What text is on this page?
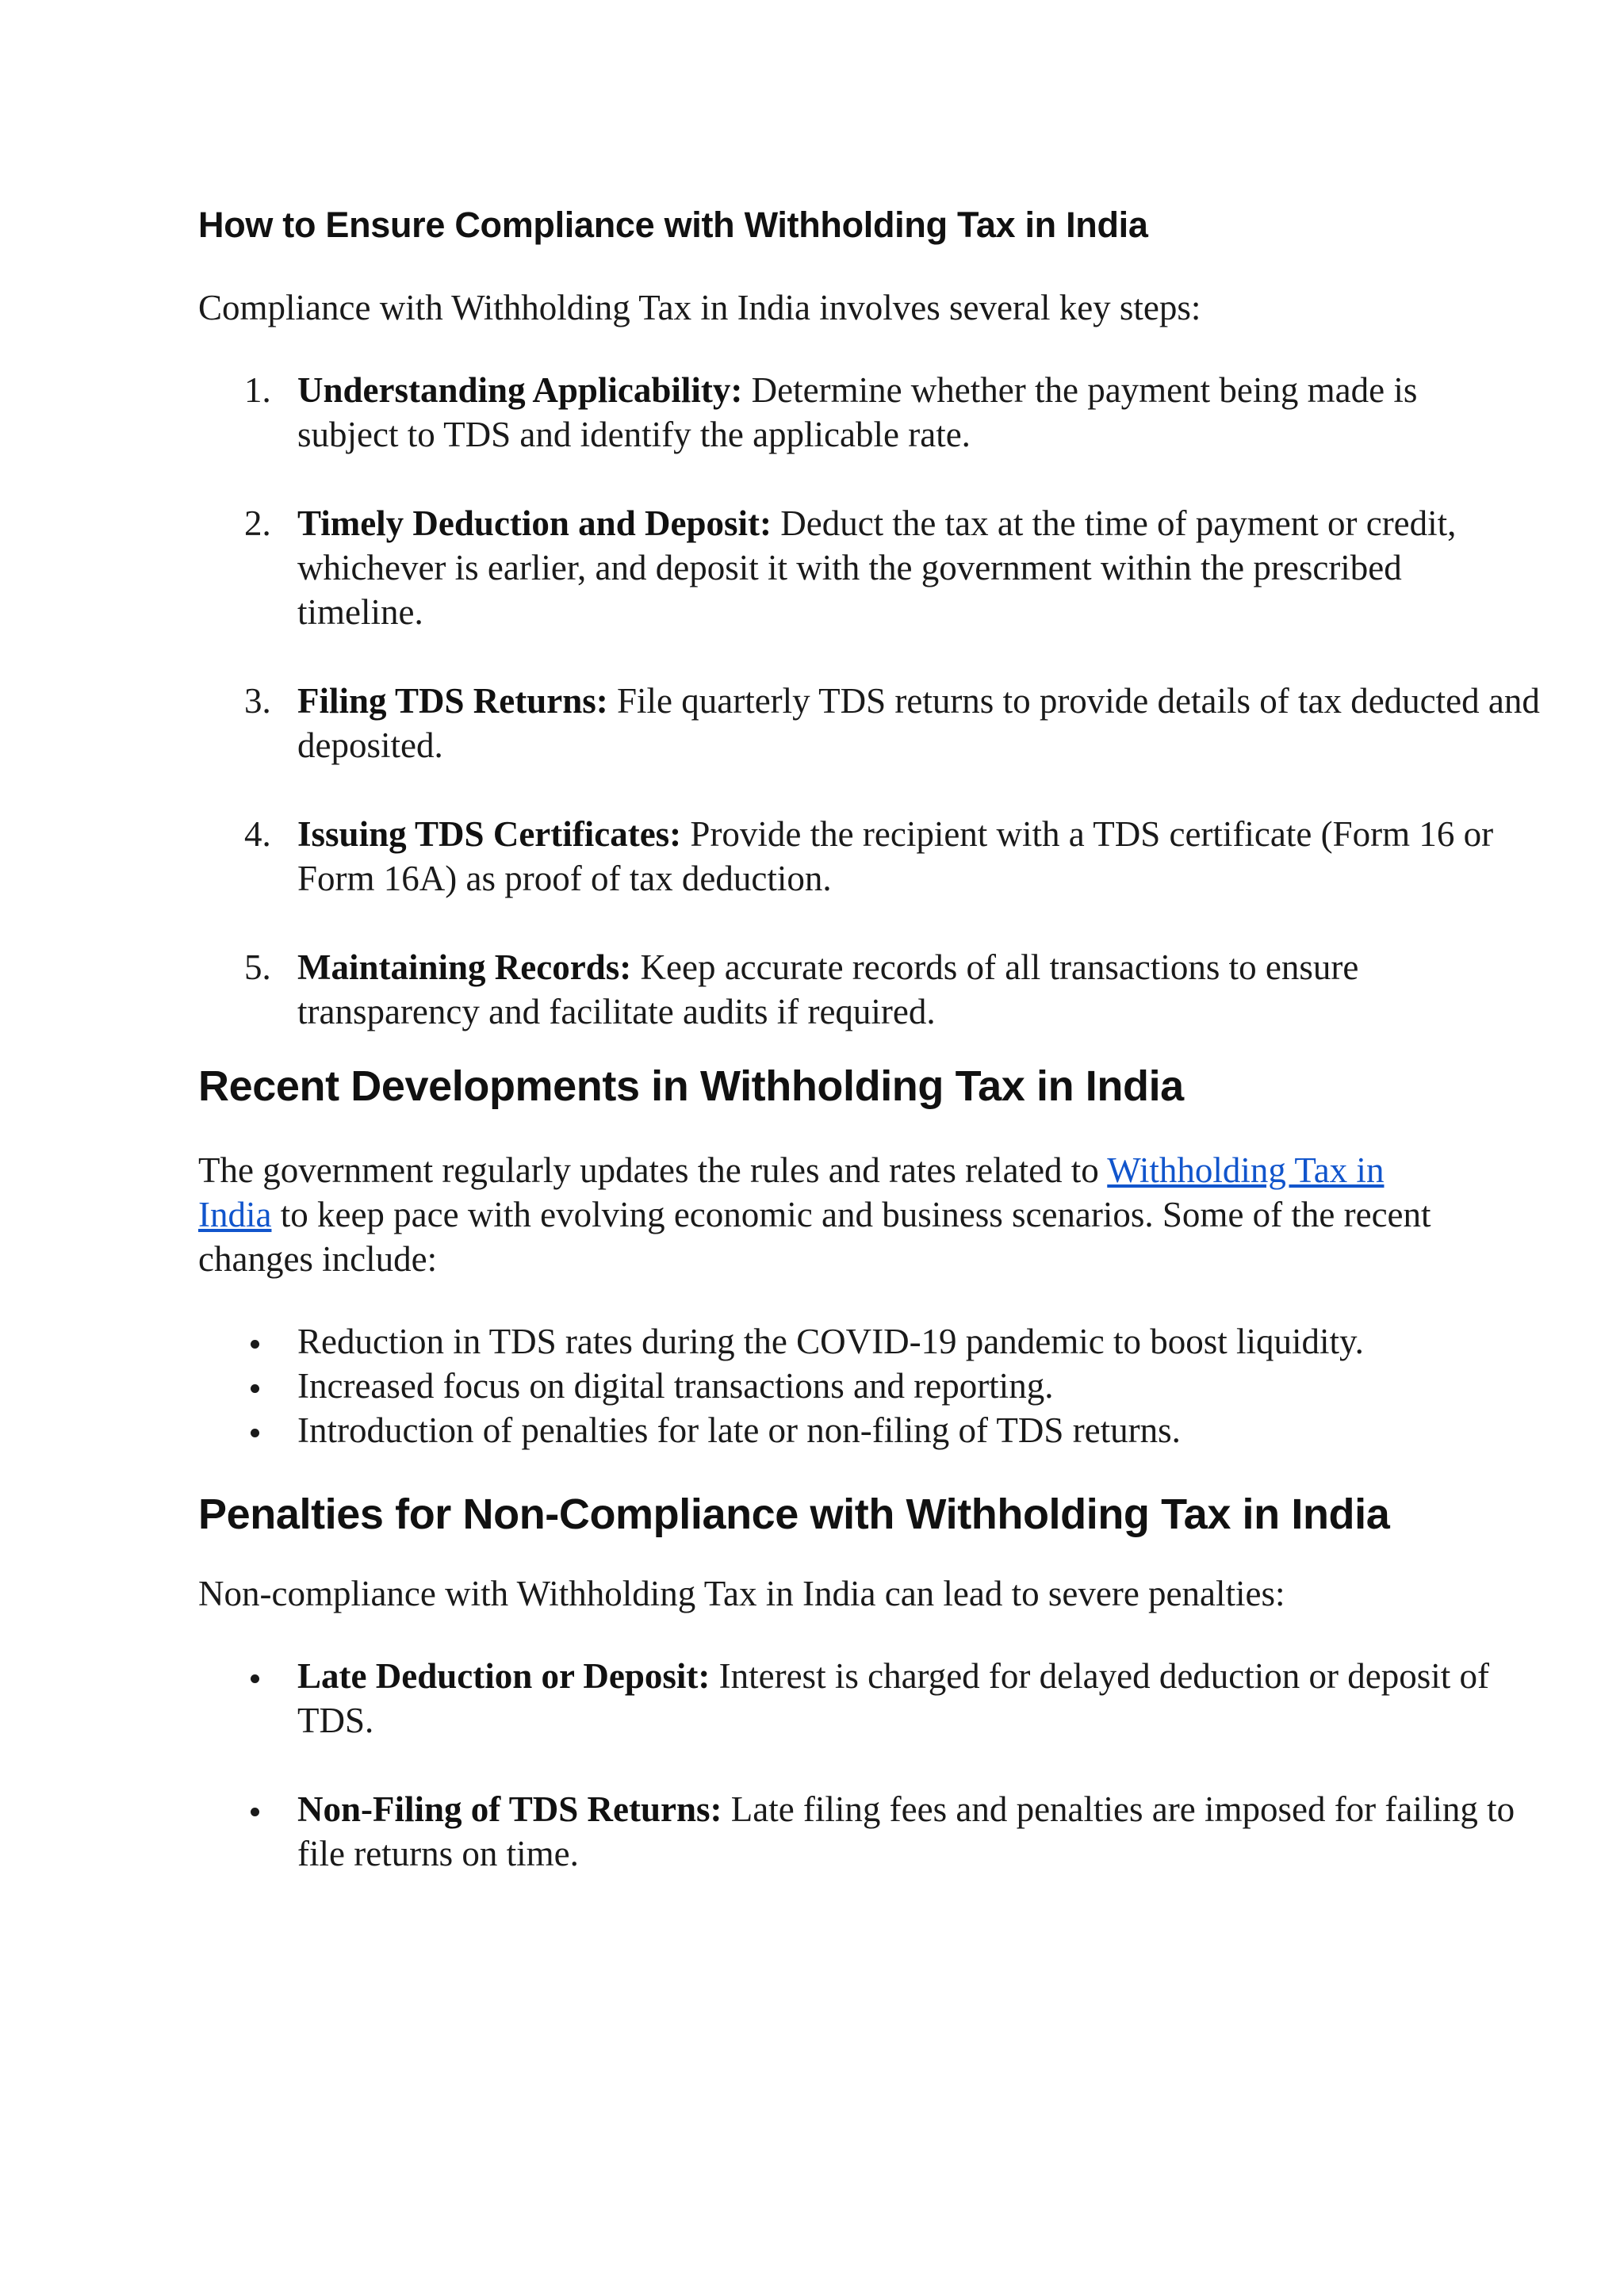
How to Ensure Compliance with Withholding Tax in India

Compliance with Withholding Tax in India involves several key steps:

1. Understanding Applicability: Determine whether the payment being made is subject to TDS and identify the applicable rate.
2. Timely Deduction and Deposit: Deduct the tax at the time of payment or credit, whichever is earlier, and deposit it with the government within the prescribed timeline.
3. Filing TDS Returns: File quarterly TDS returns to provide details of tax deducted and deposited.
4. Issuing TDS Certificates: Provide the recipient with a TDS certificate (Form 16 or Form 16A) as proof of tax deduction.
5. Maintaining Records: Keep accurate records of all transactions to ensure transparency and facilitate audits if required.
Recent Developments in Withholding Tax in India

The government regularly updates the rules and rates related to Withholding Tax in India to keep pace with evolving economic and business scenarios. Some of the recent changes include:

Reduction in TDS rates during the COVID-19 pandemic to boost liquidity.
Increased focus on digital transactions and reporting.
Introduction of penalties for late or non-filing of TDS returns.
Penalties for Non-Compliance with Withholding Tax in India

Non-compliance with Withholding Tax in India can lead to severe penalties:

Late Deduction or Deposit: Interest is charged for delayed deduction or deposit of TDS.
Non-Filing of TDS Returns: Late filing fees and penalties are imposed for failing to file returns on time.
